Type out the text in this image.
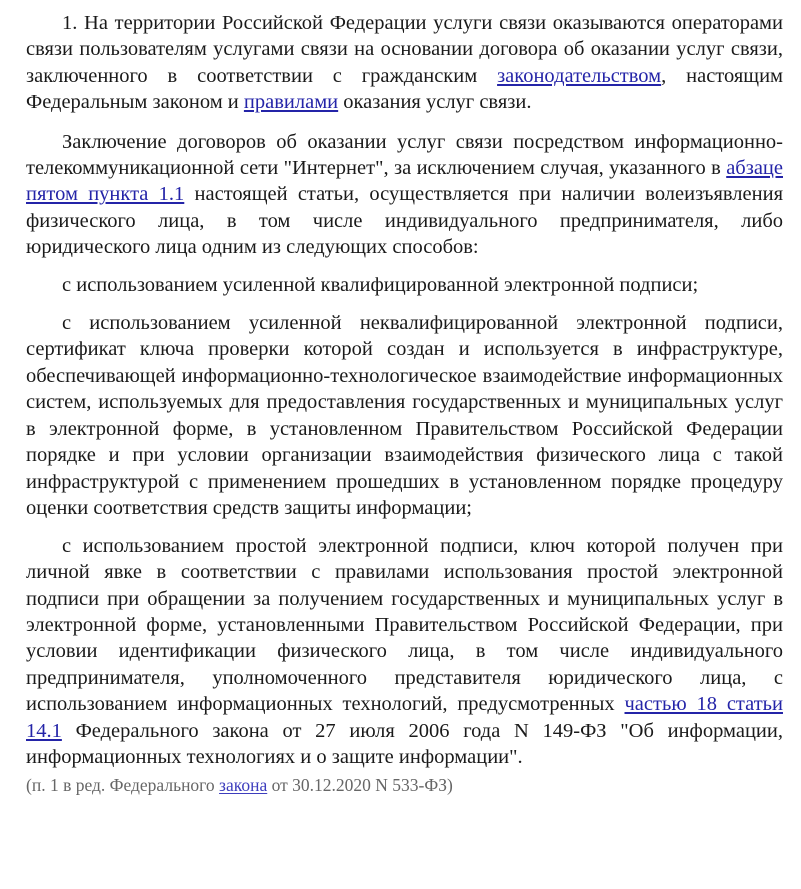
1. На территории Российской Федерации услуги связи оказываются операторами связи пользователям услугами связи на основании договора об оказании услуг связи, заключенного в соответствии с гражданским законодательством, настоящим Федеральным законом и правилами оказания услуг связи.

Заключение договоров об оказании услуг связи посредством информационно-телекоммуникационной сети "Интернет", за исключением случая, указанного в абзаце пятом пункта 1.1 настоящей статьи, осуществляется при наличии волеизъявления физического лица, в том числе индивидуального предпринимателя, либо юридического лица одним из следующих способов:

с использованием усиленной квалифицированной электронной подписи;

с использованием усиленной неквалифицированной электронной подписи, сертификат ключа проверки которой создан и используется в инфраструктуре, обеспечивающей информационно-технологическое взаимодействие информационных систем, используемых для предоставления государственных и муниципальных услуг в электронной форме, в установленном Правительством Российской Федерации порядке и при условии организации взаимодействия физического лица с такой инфраструктурой с применением прошедших в установленном порядке процедуру оценки соответствия средств защиты информации;

с использованием простой электронной подписи, ключ которой получен при личной явке в соответствии с правилами использования простой электронной подписи при обращении за получением государственных и муниципальных услуг в электронной форме, установленными Правительством Российской Федерации, при условии идентификации физического лица, в том числе индивидуального предпринимателя, уполномоченного представителя юридического лица, с использованием информационных технологий, предусмотренных частью 18 статьи 14.1 Федерального закона от 27 июля 2006 года N 149-ФЗ "Об информации, информационных технологиях и о защите информации".

(п. 1 в ред. Федерального закона от 30.12.2020 N 533-ФЗ)
